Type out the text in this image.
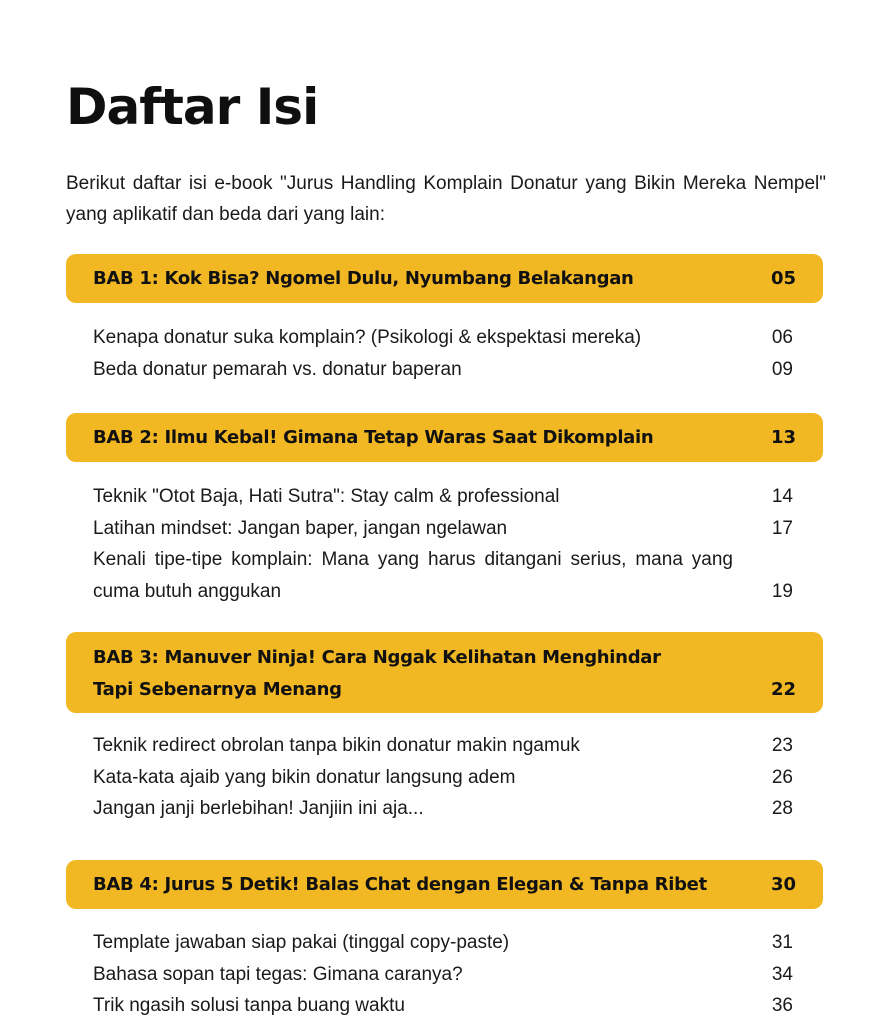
Daftar Isi

Berikut daftar isi e-book "Jurus Handling Komplain Donatur yang Bikin Mereka Nempel" yang aplikatif dan beda dari yang lain:

BAB 1: Kok Bisa? Ngomel Dulu, Nyumbang Belakangan	05
Kenapa donatur suka komplain? (Psikologi & ekspektasi mereka)	06
Beda donatur pemarah vs. donatur baperan	09
BAB 2: Ilmu Kebal! Gimana Tetap Waras Saat Dikomplain	13
Teknik "Otot Baja, Hati Sutra": Stay calm & professional	14
Latihan mindset: Jangan baper, jangan ngelawan	17
Kenali tipe-tipe komplain: Mana yang harus ditangani serius, mana yang cuma butuh anggukan	19
BAB 3: Manuver Ninja! Cara Nggak Kelihatan Menghindar
Tapi Sebenarnya Menang	22
Teknik redirect obrolan tanpa bikin donatur makin ngamuk	23
Kata-kata ajaib yang bikin donatur langsung adem	26
Jangan janji berlebihan! Janjiin ini aja...	28
BAB 4: Jurus 5 Detik! Balas Chat dengan Elegan & Tanpa Ribet	30
Template jawaban siap pakai (tinggal copy-paste)	31
Bahasa sopan tapi tegas: Gimana caranya?	34
Trik ngasih solusi tanpa buang waktu	36
